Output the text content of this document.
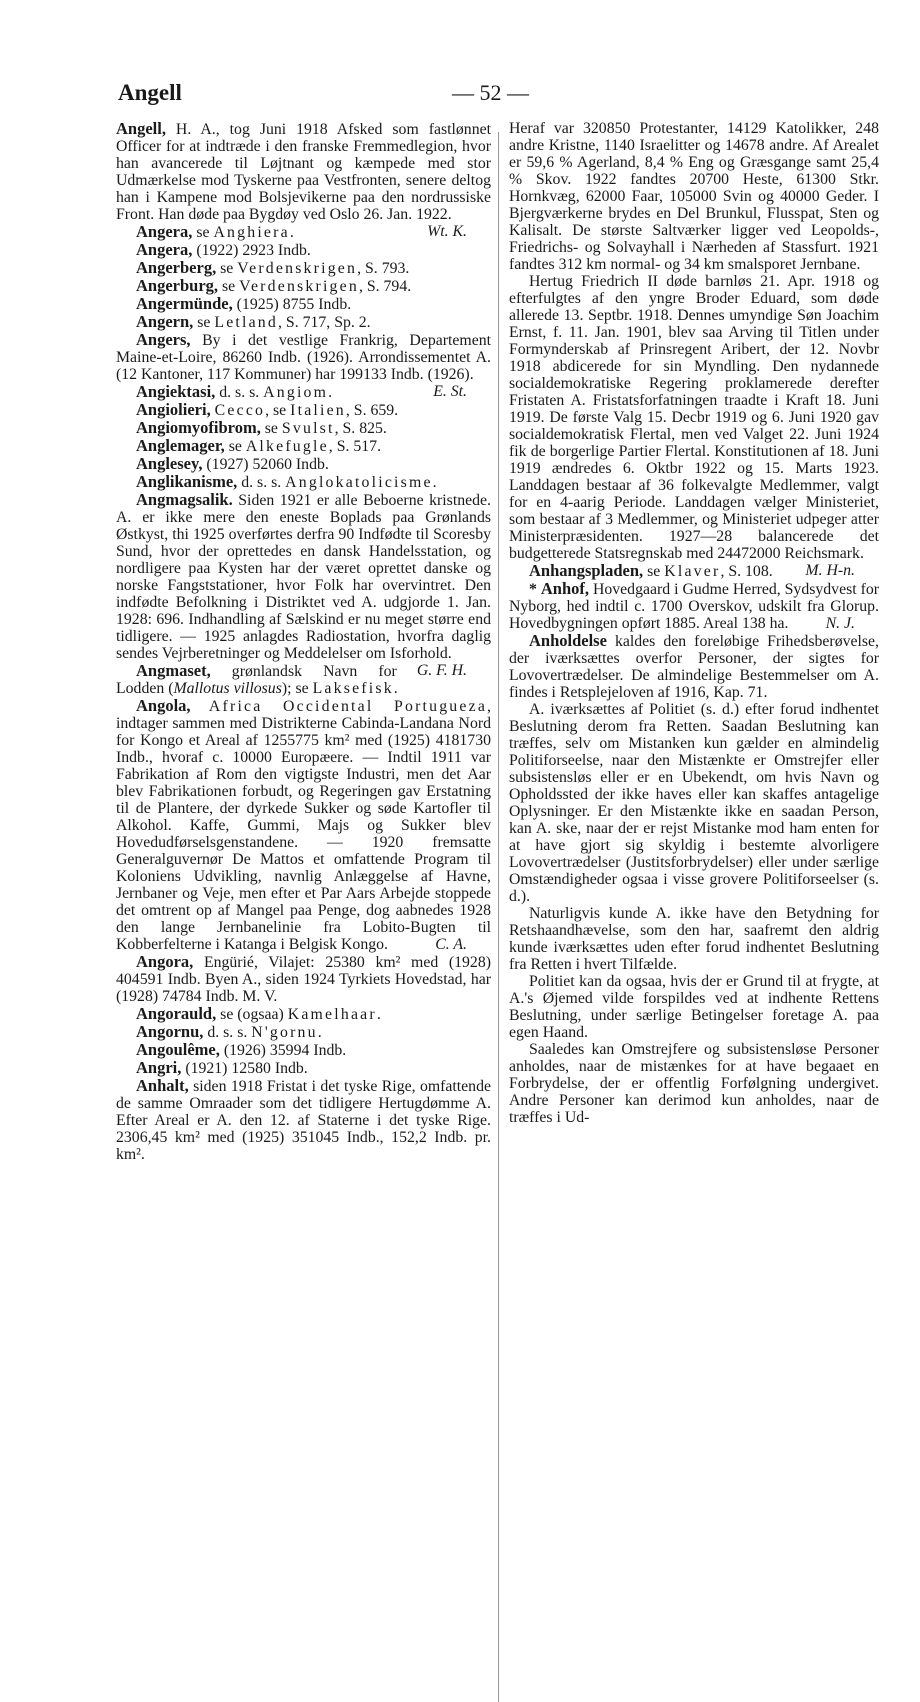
Angell	— 52 —

Angell, H. A., tog Juni 1918 Afsked som fastlønnet Officer for at indtræde i den franske Fremmedlegion, hvor han avancerede til Løjtnant og kæmpede med stor Udmærkelse mod Tyskerne paa Vestfronten, senere deltog han i Kampene mod Bolsjevikerne paa den nordrussiske Front. Han døde paa Bygdøy ved Oslo 26. Jan. 1922.
Wt. K.

Angera, se Anghiera.

Angera, (1922) 2923 Indb.

Angerberg, se Verdenskrigen, S. 793.

Angerburg, se Verdenskrigen, S. 794.

Angermünde, (1925) 8755 Indb.

Angern, se Letland, S. 717, Sp. 2.

Angers, By i det vestlige Frankrig, Departement Maine-et-Loire, 86260 Indb. (1926). Arrondissementet A. (12 Kantoner, 117 Kommuner) har 199133 Indb. (1926).
E. St.

Angiektasi, d. s. s. Angiom.

Angiolieri, Cecco, se Italien, S. 659.

Angiomyofibrom, se Svulst, S. 825.

Anglemager, se Alkefugle, S. 517.

Anglesey, (1927) 52060 Indb.

Anglikanisme, d. s. s. Anglokatolicisme.

Angmagsalik. Siden 1921 er alle Beboerne kristnede. A. er ikke mere den eneste Boplads paa Grønlands Østkyst, thi 1925 overførtes derfra 90 Indfødte til Scoresby Sund, hvor der oprettedes en dansk Handelsstation, og nordligere paa Kysten har der været oprettet danske og norske Fangststationer, hvor Folk har overvintret. Den indfødte Befolkning i Distriktet ved A. udgjorde 1. Jan. 1928: 696. Indhandling af Sælskind er nu meget større end tidligere. — 1925 anlagdes Radiostation, hvorfra daglig sendes Vejrberetninger og Meddelelser om Isforhold.
G. F. H.

Angmaset, grønlandsk Navn for Lodden (Mallotus villosus); se Laksefisk.

Angola, Africa Occidental Portugueza, indtager sammen med Distrikterne Cabinda-Landana Nord for Kongo et Areal af 1255775 km² med (1925) 4181730 Indb., hvoraf c. 10000 Europæere. — Indtil 1911 var Fabrikation af Rom den vigtigste Industri, men det Aar blev Fabrikationen forbudt, og Regeringen gav Erstatning til de Plantere, der dyrkede Sukker og søde Kartofler til Alkohol. Kaffe, Gummi, Majs og Sukker blev Hovedudførselsgenstandene. — 1920 fremsatte Generalguvernør De Mattos et omfattende Program til Koloniens Udvikling, navnlig Anlæggelse af Havne, Jernbaner og Veje, men efter et Par Aars Arbejde stoppede det omtrent op af Mangel paa Penge, dog aabnedes 1928 den lange Jernbanelinie fra Lobito-Bugten til Kobberfelterne i Katanga i Belgisk Kongo.	C. A.

Angora, Engürié, Vilajet: 25380 km² med (1928) 404591 Indb. Byen A., siden 1924 Tyrkiets Hovedstad, har (1928) 74784 Indb. M. V.

Angorauld, se (ogsaa) Kamelhaar.

Angornu, d. s. s. N'gornu.

Angoulême, (1926) 35994 Indb.

Angri, (1921) 12580 Indb.

Anhalt, siden 1918 Fristat i det tyske Rige, omfattende de samme Omraader som det tidligere Hertugdømme A. Efter Areal er A. den 12. af Staterne i det tyske Rige. 2306,45 km² med (1925) 351045 Indb., 152,2 Indb. pr. km².

Heraf var 320850 Protestanter, 14129 Katolikker, 248 andre Kristne, 1140 Israelitter og 14678 andre. Af Arealet er 59,6 % Agerland, 8,4 % Eng og Græsgange samt 25,4 % Skov. 1922 fandtes 20700 Heste, 61300 Stkr. Hornkvæg, 62000 Faar, 105000 Svin og 40000 Geder. I Bjergværkerne brydes en Del Brunkul, Flusspat, Sten og Kalisalt. De største Saltværker ligger ved Leopolds-, Friedrichs- og Solvayhall i Nærheden af Stassfurt. 1921 fandtes 312 km normal- og 34 km smalsporet Jernbane.

Hertug Friedrich II døde barnløs 21. Apr. 1918 og efterfulgtes af den yngre Broder Eduard, som døde allerede 13. Septbr. 1918. Dennes umyndige Søn Joachim Ernst, f. 11. Jan. 1901, blev saa Arving til Titlen under Formynderskab af Prinsregent Aribert, der 12. Novbr 1918 abdicerede for sin Myndling. Den nydannede socialdemokratiske Regering proklamerede derefter Fristaten A. Fristatsforfatningen traadte i Kraft 18. Juni 1919. De første Valg 15. Decbr 1919 og 6. Juni 1920 gav socialdemokratisk Flertal, men ved Valget 22. Juni 1924 fik de borgerlige Partier Flertal. Konstitutionen af 18. Juni 1919 ændredes 6. Oktbr 1922 og 15. Marts 1923. Landdagen bestaar af 36 folkevalgte Medlemmer, valgt for en 4-aarig Periode. Landdagen vælger Ministeriet, som bestaar af 3 Medlemmer, og Ministeriet udpeger atter Ministerpræsidenten. 1927—28 balancerede det budgetterede Statsregnskab med 24472000 Reichsmark.
M. H-n.

Anhangspladen, se Klaver, S. 108.

* Anhof, Hovedgaard i Gudme Herred, Sydsydvest for Nyborg, hed indtil c. 1700 Overskov, udskilt fra Glorup. Hovedbygningen opført 1885. Areal 138 ha.	N. J.

Anholdelse kaldes den foreløbige Frihedsberøvelse, der iværksættes overfor Personer, der sigtes for Lovovertrædelser. De almindelige Bestemmelser om A. findes i Retsplejeloven af 1916, Kap. 71.

A. iværksættes af Politiet (s. d.) efter forud indhentet Beslutning derom fra Retten. Saadan Beslutning kan træffes, selv om Mistanken kun gælder en almindelig Politiforseelse, naar den Mistænkte er Omstrejfer eller subsistensløs eller er en Ubekendt, om hvis Navn og Opholdssted der ikke haves eller kan skaffes antagelige Oplysninger. Er den Mistænkte ikke en saadan Person, kan A. ske, naar der er rejst Mistanke mod ham enten for at have gjort sig skyldig i bestemte alvorligere Lovovertrædelser (Justitsforbrydelser) eller under særlige Omstændigheder ogsaa i visse grovere Politiforseelser (s. d.).

Naturligvis kunde A. ikke have den Betydning for Retshaandhævelse, som den har, saafremt den aldrig kunde iværksættes uden efter forud indhentet Beslutning fra Retten i hvert Tilfælde.

Politiet kan da ogsaa, hvis der er Grund til at frygte, at A.'s Øjemed vilde forspildes ved at indhente Rettens Beslutning, under særlige Betingelser foretage A. paa egen Haand.

Saaledes kan Omstrejfere og subsistensløse Personer anholdes, naar de mistænkes for at have begaaet en Forbrydelse, der er offentlig Forfølgning undergivet. Andre Personer kan derimod kun anholdes, naar de træffes i Ud-
